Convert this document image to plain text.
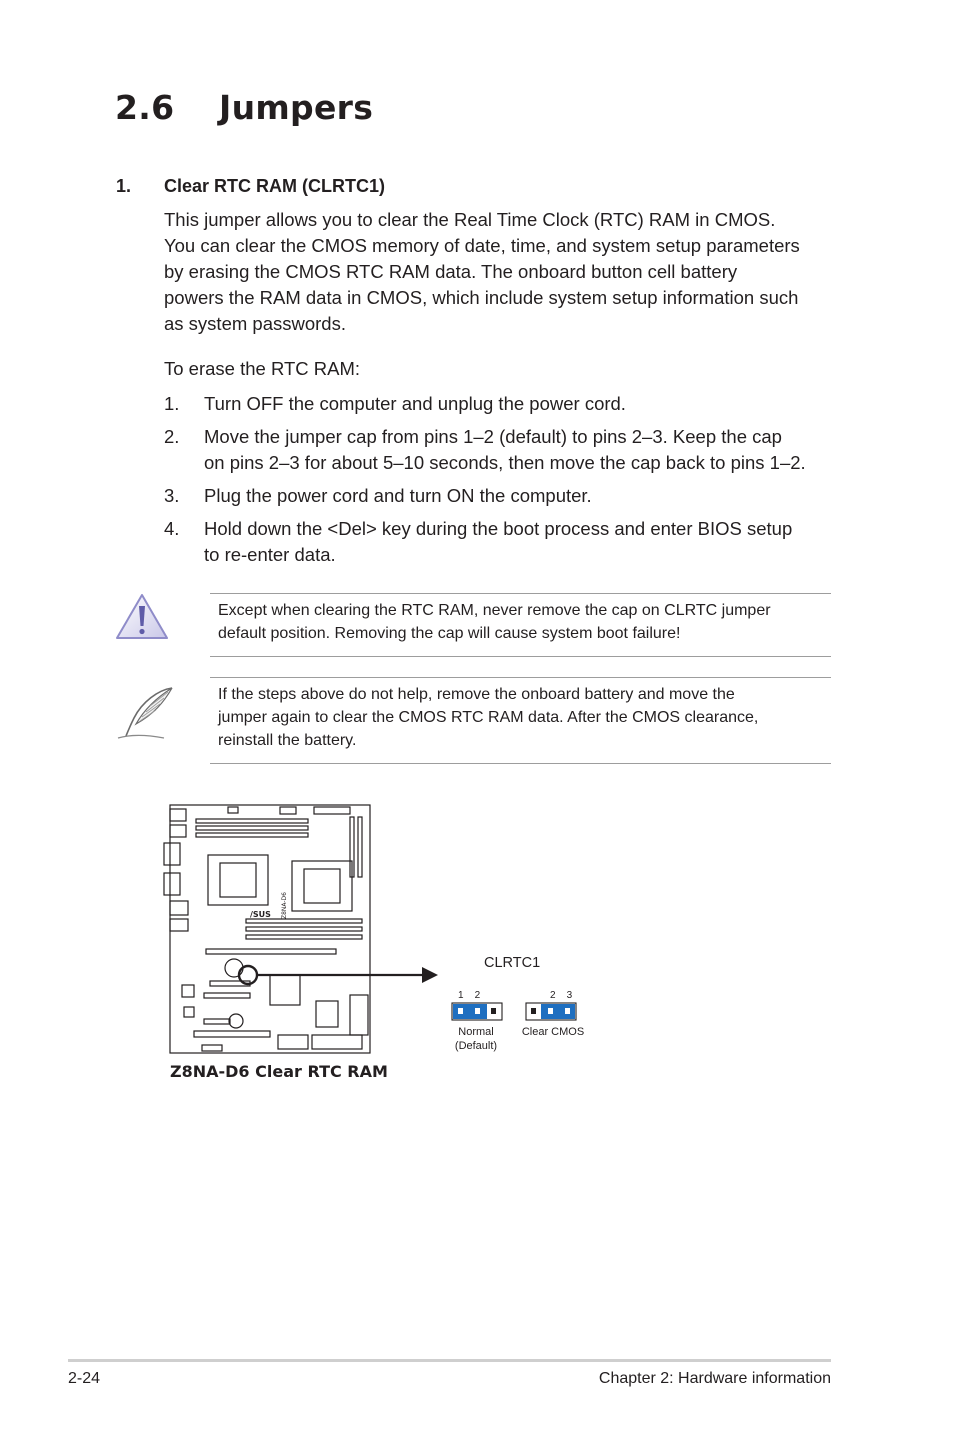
2.6 Jumpers
1. Clear RTC RAM (CLRTC1)
This jumper allows you to clear the Real Time Clock (RTC) RAM in CMOS.
You can clear the CMOS memory of date, time, and system setup parameters
by erasing the CMOS RTC RAM data. The onboard button cell battery
powers the RAM data in CMOS, which include system setup information such
as system passwords.
To erase the RTC RAM:
1.	Turn OFF the computer and unplug the power cord.
2.	Move the jumper cap from pins 1–2 (default) to pins 2–3. Keep the cap
on pins 2–3 for about 5–10 seconds, then move the cap back to pins 1–2.
3.	Plug the power cord and turn ON the computer.
4.	Hold down the <Del> key during the boot process and enter BIOS setup
to re-enter data.
Except when clearing the RTC RAM, never remove the cap on CLRTC jumper
default position. Removing the cap will cause system boot failure!
If the steps above do not help, remove the onboard battery and move the
jumper again to clear the CMOS RTC RAM data. After the CMOS clearance,
reinstall the battery.
Z8NA-D6
/SUS
CLRTC1
1    2
Normal
(Default)
2    3
Clear CMOS
Z8NA-D6 Clear RTC RAM
2-24	Chapter 2: Hardware information
